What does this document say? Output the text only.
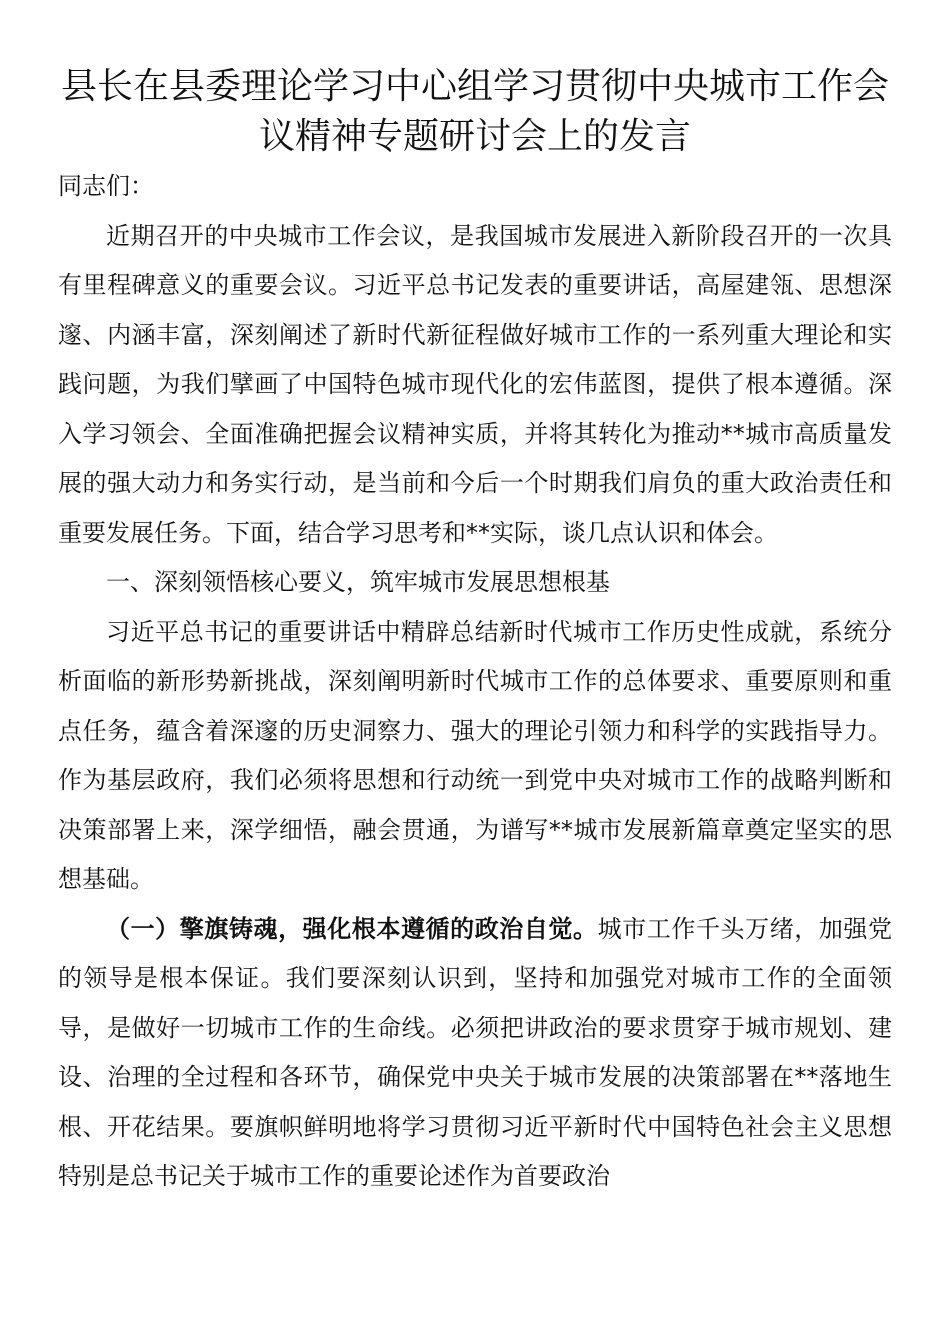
县长在县委理论学习中心组学习贯彻中央城市工作会议精神专题研讨会上的发言

同志们：

近期召开的中央城市工作会议，是我国城市发展进入新阶段召开的一次具有里程碑意义的重要会议。习近平总书记发表的重要讲话，高屋建瓴、思想深邃、内涵丰富，深刻阐述了新时代新征程做好城市工作的一系列重大理论和实践问题，为我们擘画了中国特色城市现代化的宏伟蓝图，提供了根本遵循。深入学习领会、全面准确把握会议精神实质，并将其转化为推动**城市高质量发展的强大动力和务实行动，是当前和今后一个时期我们肩负的重大政治责任和重要发展任务。下面，结合学习思考和**实际，谈几点认识和体会。

一、深刻领悟核心要义，筑牢城市发展思想根基

习近平总书记的重要讲话中精辟总结新时代城市工作历史性成就，系统分析面临的新形势新挑战，深刻阐明新时代城市工作的总体要求、重要原则和重点任务，蕴含着深邃的历史洞察力、强大的理论引领力和科学的实践指导力。作为基层政府，我们必须将思想和行动统一到党中央对城市工作的战略判断和决策部署上来，深学细悟，融会贯通，为谱写**城市发展新篇章奠定坚实的思想基础。

（一）擎旗铸魂，强化根本遵循的政治自觉。城市工作千头万绪，加强党的领导是根本保证。我们要深刻认识到，坚持和加强党对城市工作的全面领导，是做好一切城市工作的生命线。必须把讲政治的要求贯穿于城市规划、建设、治理的全过程和各环节，确保党中央关于城市发展的决策部署在**落地生根、开花结果。要旗帜鲜明地将学习贯彻习近平新时代中国特色社会主义思想特别是总书记关于城市工作的重要论述作为首要政治
